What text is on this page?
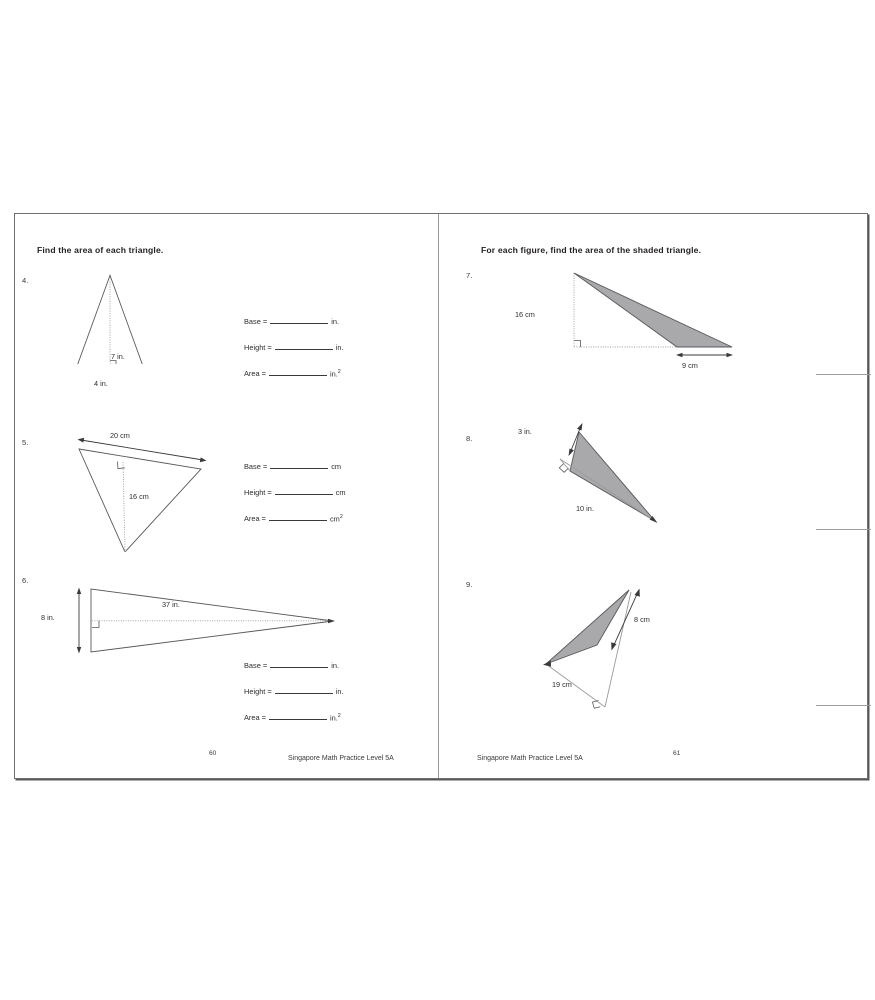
Find the area of each triangle.
4.
7 in.
4 in.
Base =	in.
Height =	in.
Area =	in.$^2$
5.
20 cm
16 cm
Base =	cm
Height =	cm
Area =	$cm^2$
6.
8 in.
37 in.
Base =	in.
Height =	in.
Area =	in.$^2$
60
Singapore Math Practice Level 5A
For each figure, find the area of the shaded triangle.
7.
16 cm
9 cm
8.
3 in.
10 in.
9.
8 cm
19 cm
Singapore Math Practice Level 5A
61
